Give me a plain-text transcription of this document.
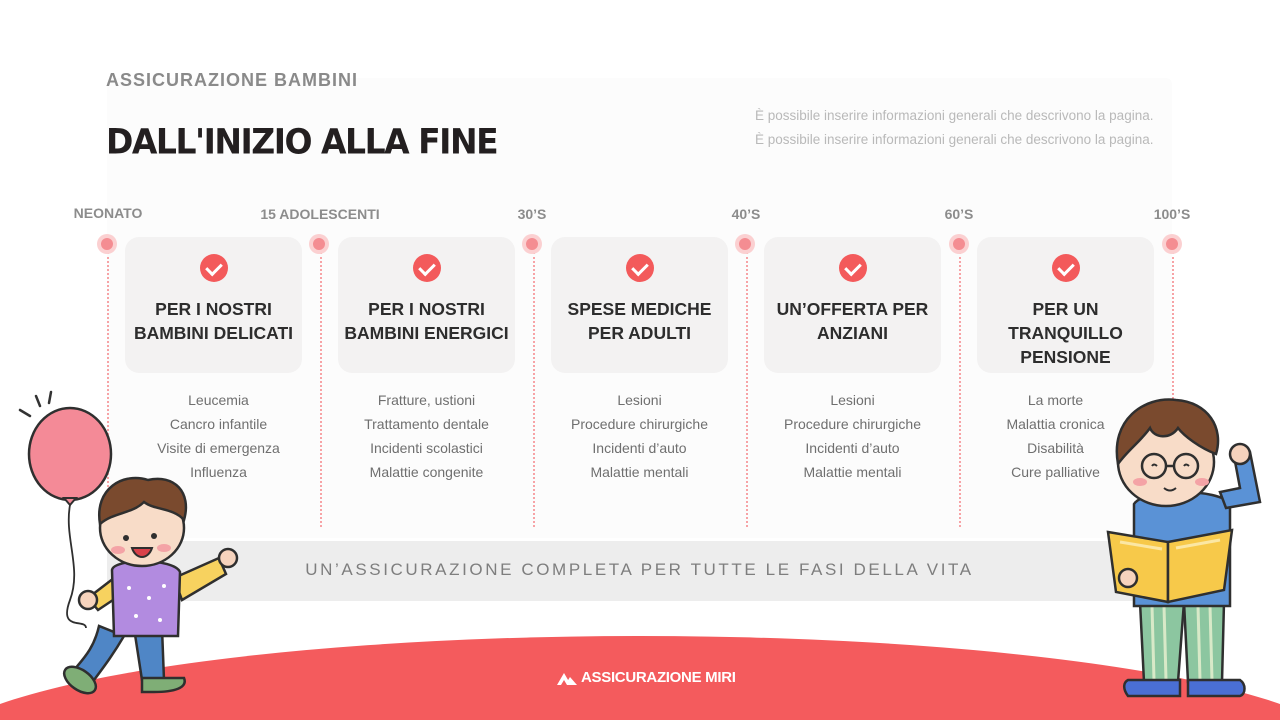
ASSICURAZIONE BAMBINI
DALL'INIZIO ALLA FINE
È possibile inserire informazioni generali che descrivono la pagina.
È possibile inserire informazioni generali che descrivono la pagina.
NEONATO	15 ADOLESCENTI	30’S	40’S	60’S	100’S
PER I NOSTRI BAMBINI DELICATI
PER I NOSTRI BAMBINI ENERGICI
SPESE MEDICHE PER ADULTI
UN’OFFERTA PER ANZIANI
PER UN TRANQUILLO PENSIONE
Leucemia
Cancro infantile
Visite di emergenza
Influenza
Fratture, ustioni
Trattamento dentale
Incidenti scolastici
Malattie congenite
Lesioni
Procedure chirurgiche
Incidenti d’auto
Malattie mentali
Lesioni
Procedure chirurgiche
Incidenti d’auto
Malattie mentali
La morte
Malattia cronica
Disabilità
Cure palliative
UN’ASSICURAZIONE COMPLETA PER TUTTE LE FASI DELLA VITA
ASSICURAZIONE MIRI
